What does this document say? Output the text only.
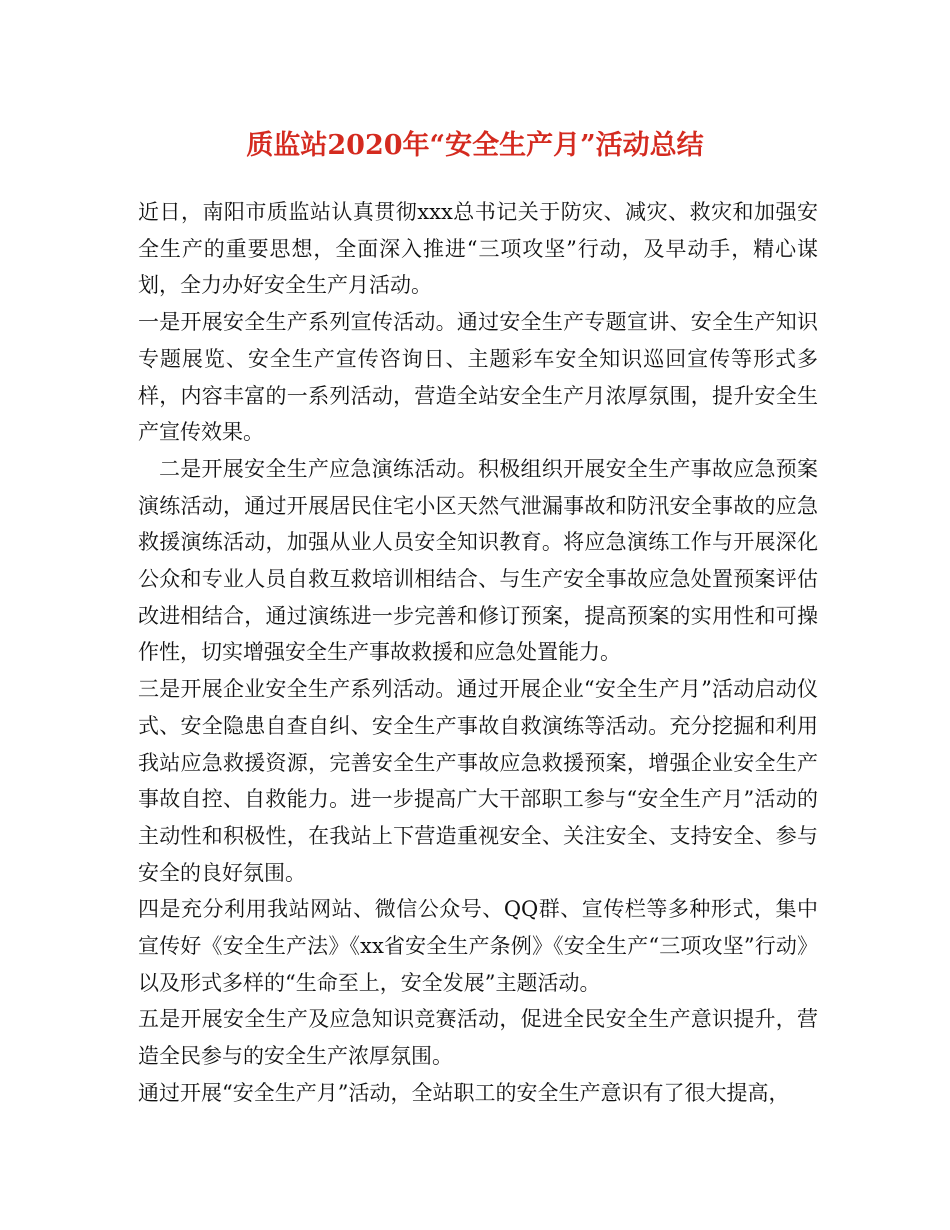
质监站2020年“安全生产月”活动总结

近日，南阳市质监站认真贯彻xxx总书记关于防灾、减灾、救灾和加强安全生产的重要思想，全面深入推进“三项攻坚”行动，及早动手，精心谋划，全力办好安全生产月活动。

一是开展安全生产系列宣传活动。通过安全生产专题宣讲、安全生产知识专题展览、安全生产宣传咨询日、主题彩车安全知识巡回宣传等形式多样，内容丰富的一系列活动，营造全站安全生产月浓厚氛围，提升安全生产宣传效果。

二是开展安全生产应急演练活动。积极组织开展安全生产事故应急预案演练活动，通过开展居民住宅小区天然气泄漏事故和防汛安全事故的应急救援演练活动，加强从业人员安全知识教育。将应急演练工作与开展深化公众和专业人员自救互救培训相结合、与生产安全事故应急处置预案评估改进相结合，通过演练进一步完善和修订预案，提高预案的实用性和可操作性，切实增强安全生产事故救援和应急处置能力。

三是开展企业安全生产系列活动。通过开展企业“安全生产月”活动启动仪式、安全隐患自查自纠、安全生产事故自救演练等活动。充分挖掘和利用我站应急救援资源，完善安全生产事故应急救援预案，增强企业安全生产事故自控、自救能力。进一步提高广大干部职工参与“安全生产月”活动的主动性和积极性，在我站上下营造重视安全、关注安全、支持安全、参与安全的良好氛围。

四是充分利用我站网站、微信公众号、QQ群、宣传栏等多种形式，集中宣传好《安全生产法》《xx省安全生产条例》《安全生产“三项攻坚”行动》以及形式多样的“生命至上，安全发展”主题活动。

五是开展安全生产及应急知识竞赛活动，促进全民安全生产意识提升，营造全民参与的安全生产浓厚氛围。

通过开展“安全生产月”活动，全站职工的安全生产意识有了很大提高，
